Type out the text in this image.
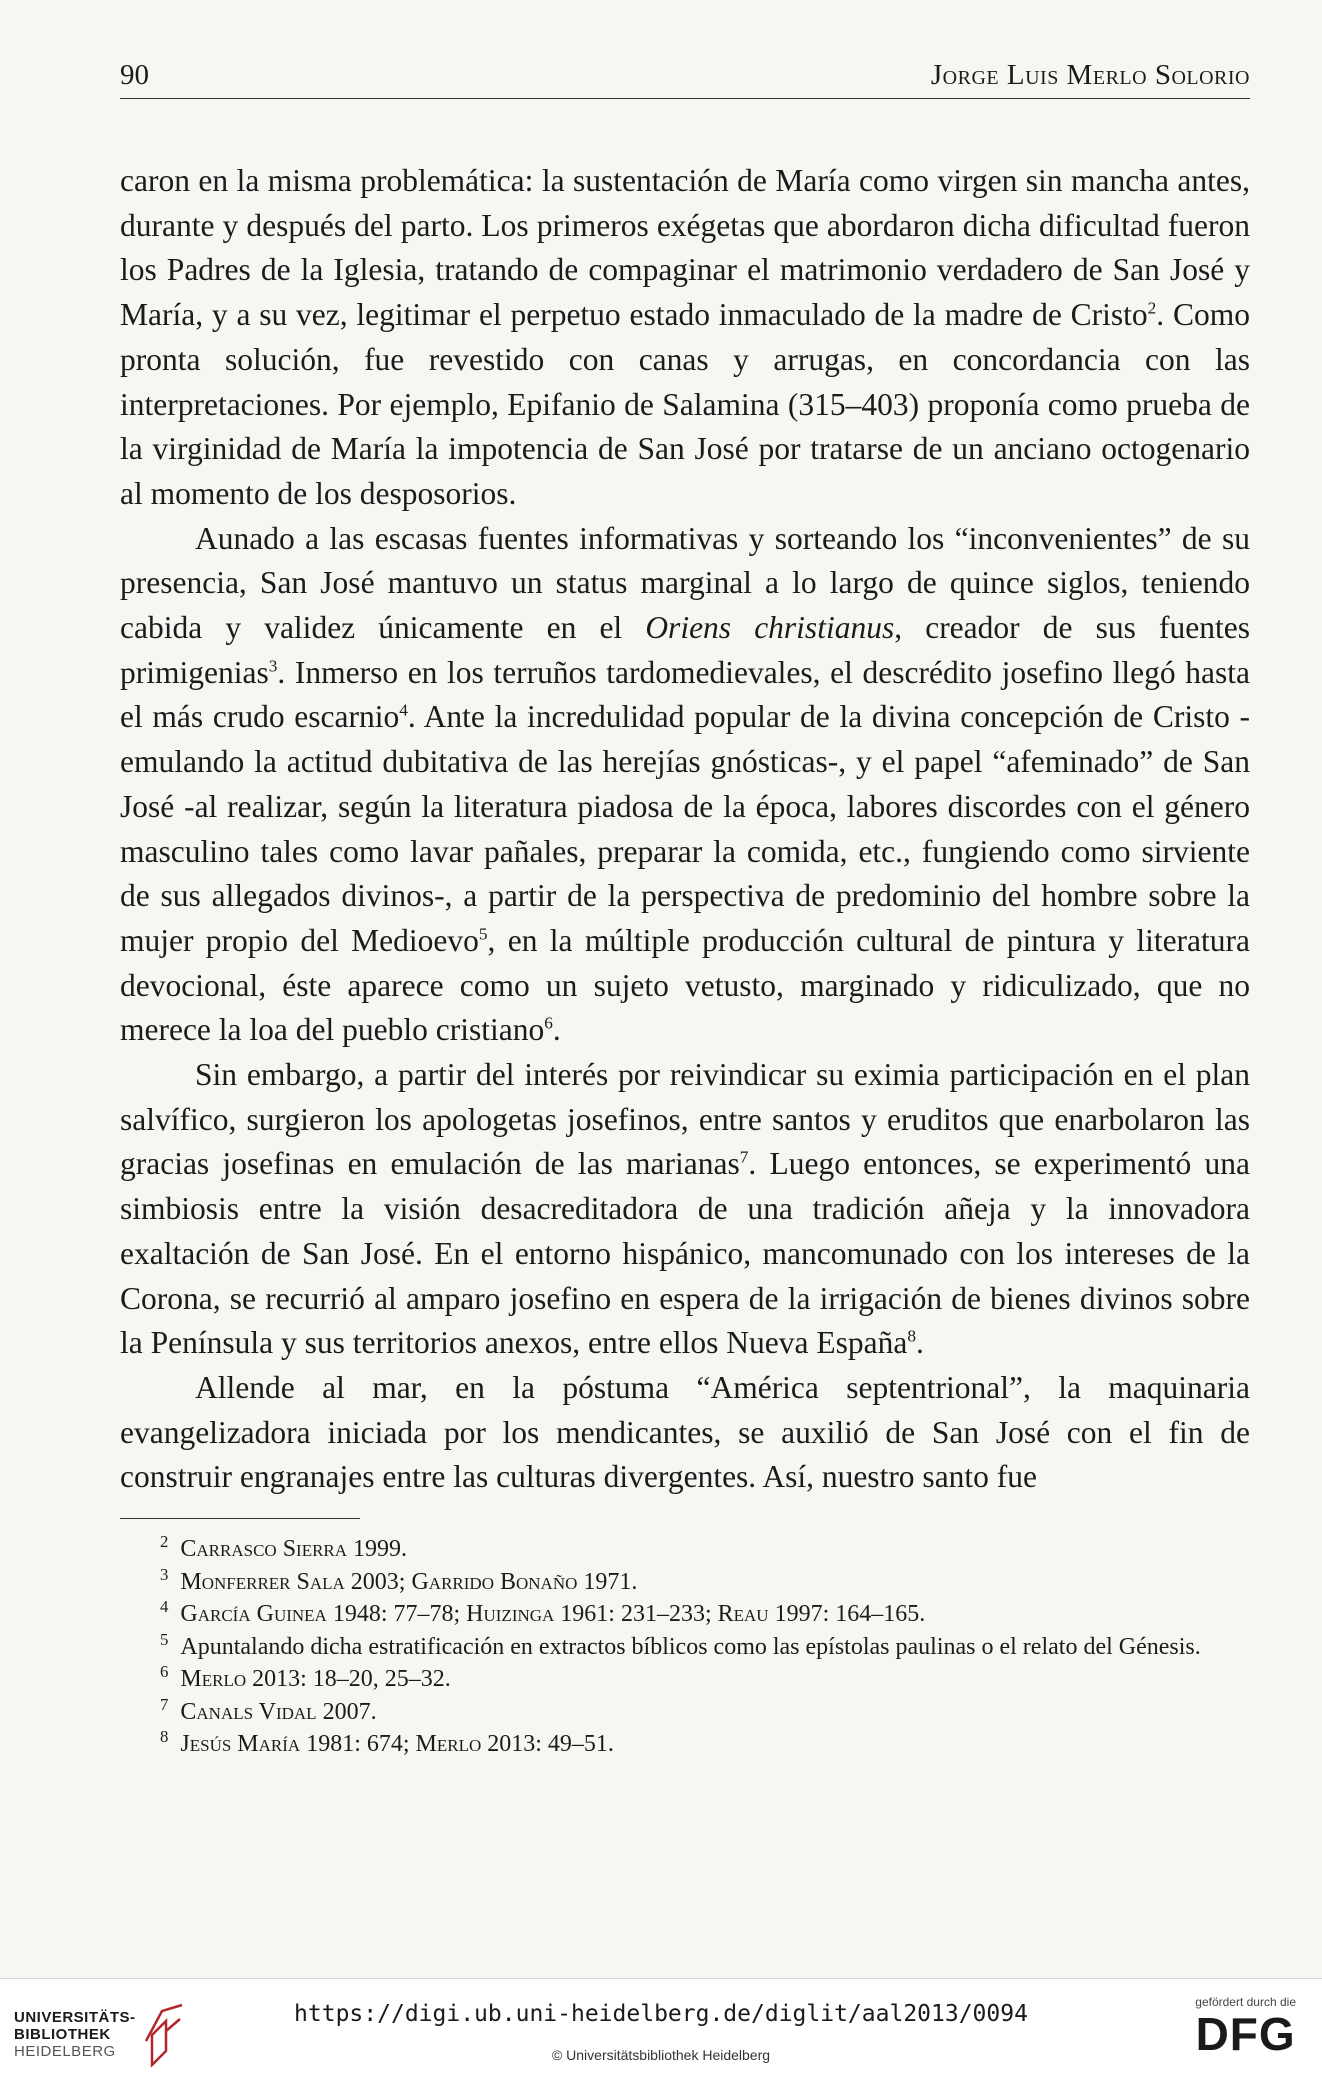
90	Jorge Luis Merlo Solorio

caron en la misma problemática: la sustentación de María como virgen sin mancha antes, durante y después del parto. Los primeros exégetas que abordaron dicha dificultad fueron los Padres de la Iglesia, tratando de compaginar el matrimonio verdadero de San José y María, y a su vez, legitimar el perpetuo estado inmaculado de la madre de Cristo$^2$. Como pronta solución, fue revestido con canas y arrugas, en concordancia con las interpretaciones. Por ejemplo, Epifanio de Salamina (315–403) proponía como prueba de la virginidad de María la impotencia de San José por tratarse de un anciano octogenario al momento de los desposorios.

Aunado a las escasas fuentes informativas y sorteando los “inconvenientes” de su presencia, San José mantuvo un status marginal a lo largo de quince siglos, teniendo cabida y validez únicamente en el Oriens christianus, creador de sus fuentes primigenias$^3$. Inmerso en los terruños tardomedievales, el descrédito josefino llegó hasta el más crudo escarnio$^4$. Ante la incredulidad popular de la divina concepción de Cristo -emulando la actitud dubitativa de las herejías gnósticas-, y el papel “afeminado” de San José -al realizar, según la literatura piadosa de la época, labores discordes con el género masculino tales como lavar pañales, preparar la comida, etc., fungiendo como sirviente de sus allegados divinos-, a partir de la perspectiva de predominio del hombre sobre la mujer propio del Medioevo$^5$, en la múltiple producción cultural de pintura y literatura devocional, éste aparece como un sujeto vetusto, marginado y ridiculizado, que no merece la loa del pueblo cristiano$^6$.

Sin embargo, a partir del interés por reivindicar su eximia participación en el plan salvífico, surgieron los apologetas josefinos, entre santos y eruditos que enarbolaron las gracias josefinas en emulación de las marianas$^7$. Luego entonces, se experimentó una simbiosis entre la visión desacreditadora de una tradición añeja y la innovadora exaltación de San José. En el entorno hispánico, mancomunado con los intereses de la Corona, se recurrió al amparo josefino en espera de la irrigación de bienes divinos sobre la Península y sus territorios anexos, entre ellos Nueva España$^8$.

Allende al mar, en la póstuma “América septentrional”, la maquinaria evangelizadora iniciada por los mendicantes, se auxilió de San José con el fin de construir engranajes entre las culturas divergentes. Así, nuestro santo fue

$^2$ Carrasco Sierra 1999.
$^3$ Monferrer Sala 2003; Garrido Bonaño 1971.
$^4$ García Guinea 1948: 77–78; Huizinga 1961: 231–233; Reau 1997: 164–165.
$^5$ Apuntalando dicha estratificación en extractos bíblicos como las epístolas paulinas o el relato del Génesis.
$^6$ Merlo 2013: 18–20, 25–32.
$^7$ Canals Vidal 2007.
$^8$ Jesús María 1981: 674; Merlo 2013: 49–51.
UNIVERSITÄTS-
BIBLIOTHEK
HEIDELBERG
https://digi.ub.uni-heidelberg.de/diglit/aal2013/0094
© Universitätsbibliothek Heidelberg
gefördert durch die
DFG
